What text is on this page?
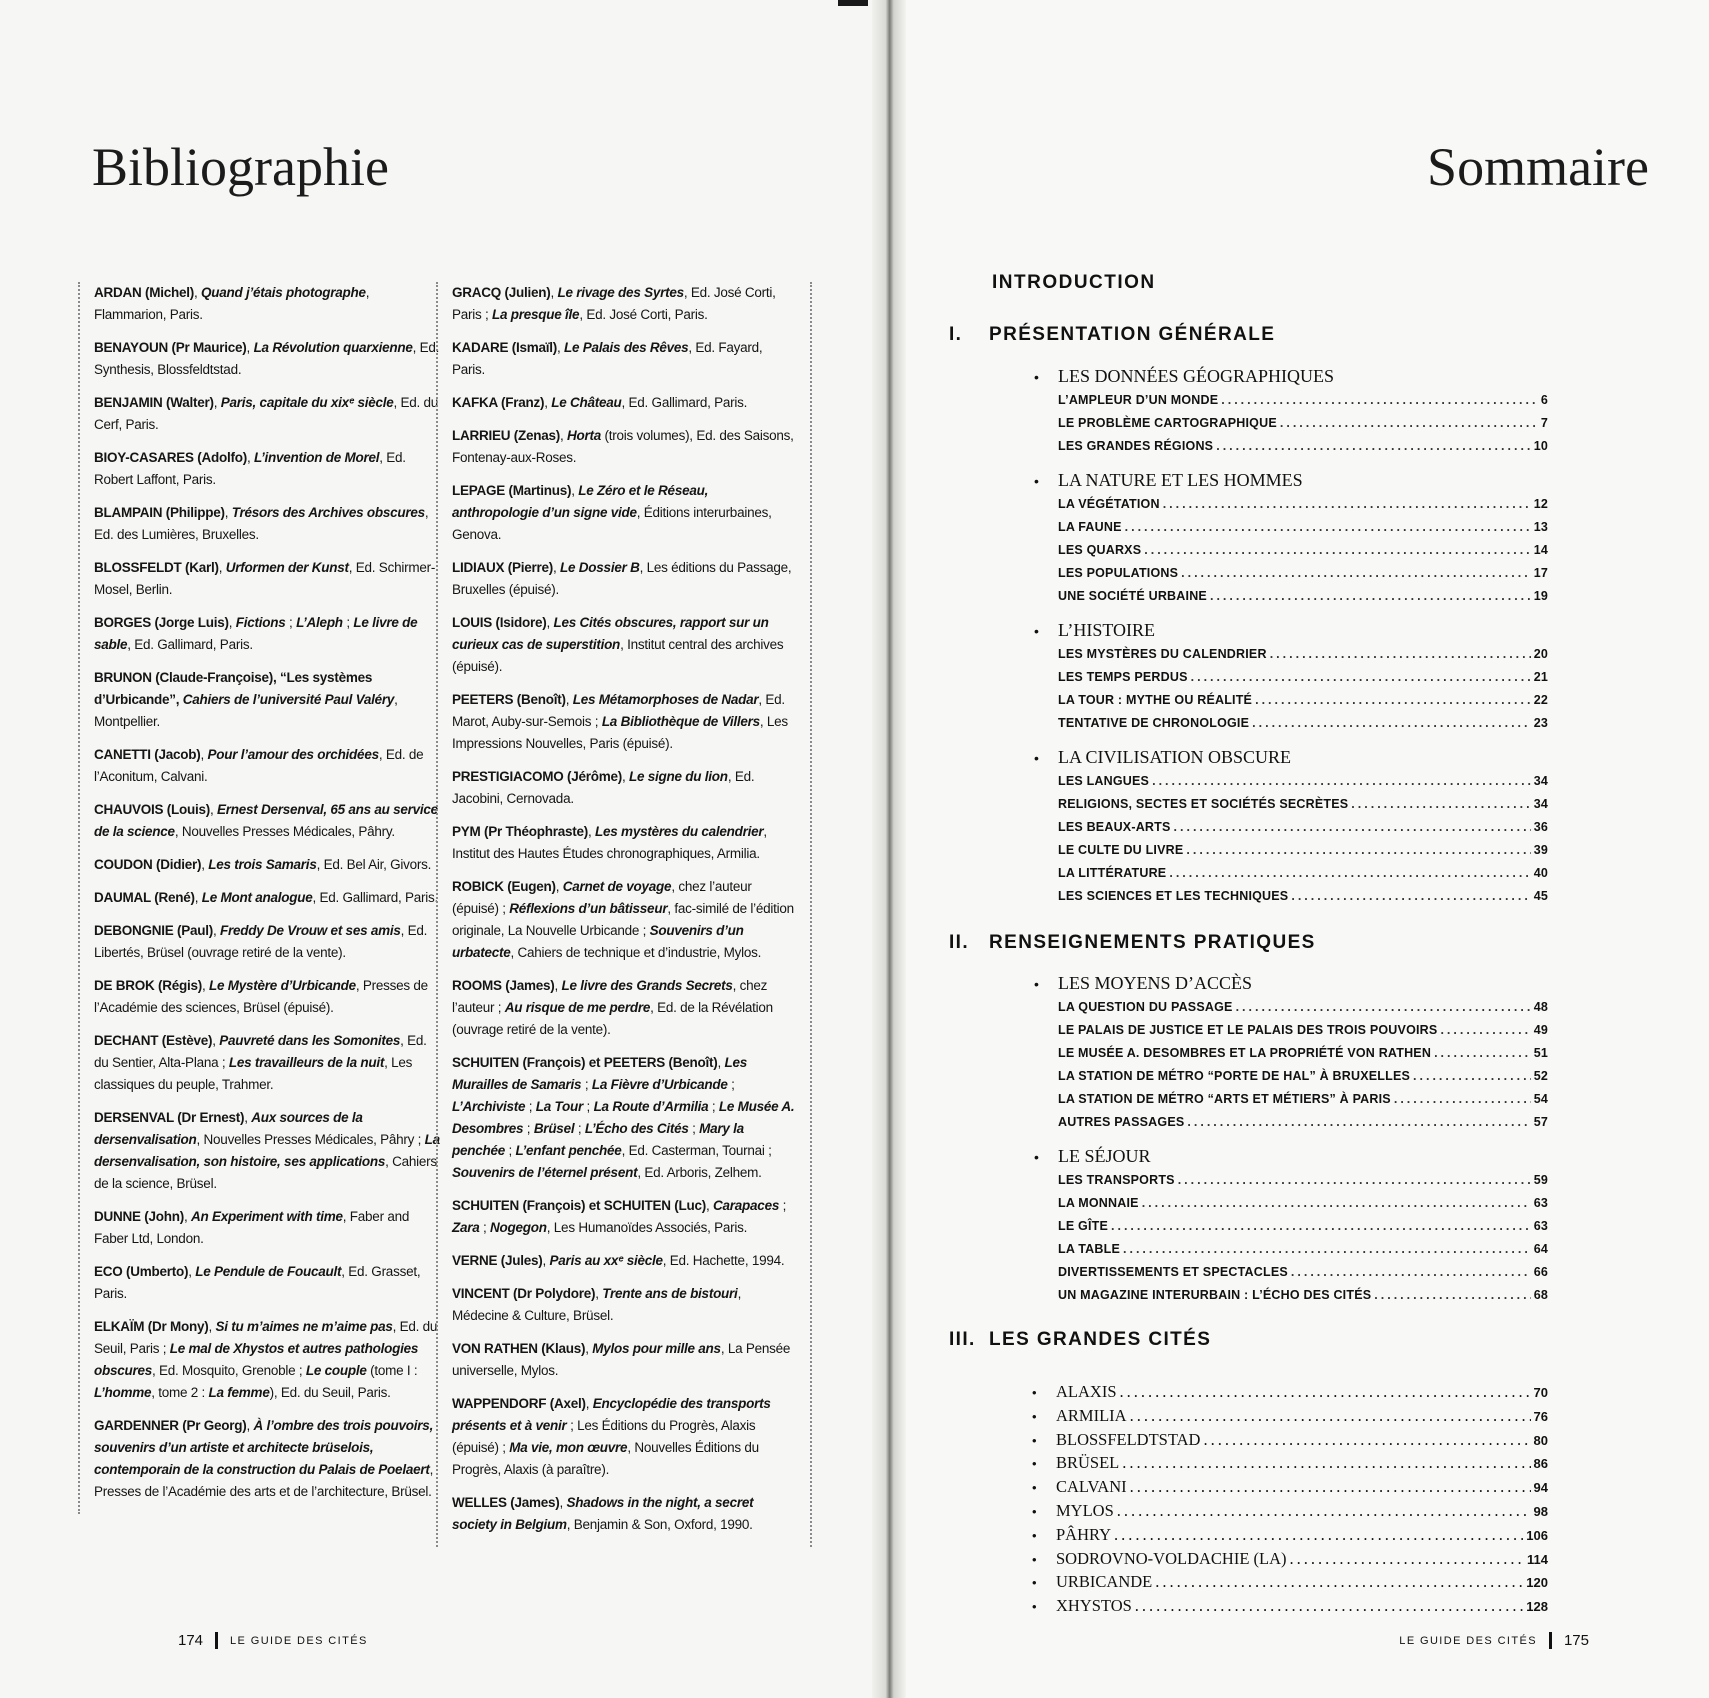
Bibliographie
ARDAN (Michel), Quand j’étais photographe, Flammarion, Paris.
BENAYOUN (Pr Maurice), La Révolution quarxienne, Ed. Synthesis, Blossfeldtstad.
BENJAMIN (Walter), Paris, capitale du xixᵉ siècle, Ed. du Cerf, Paris.
BIOY-CASARES (Adolfo), L’invention de Morel, Ed. Robert Laffont, Paris.
BLAMPAIN (Philippe), Trésors des Archives obscures, Ed. des Lumières, Bruxelles.
BLOSSFELDT (Karl), Urformen der Kunst, Ed. Schirmer-Mosel, Berlin.
BORGES (Jorge Luis), Fictions ; L’Aleph ; Le livre de sable, Ed. Gallimard, Paris.
BRUNON (Claude-Françoise), “Les systèmes d’Urbicande”, Cahiers de l’université Paul Valéry, Montpellier.
CANETTI (Jacob), Pour l’amour des orchidées, Ed. de l’Aconitum, Calvani.
CHAUVOIS (Louis), Ernest Dersenval, 65 ans au service de la science, Nouvelles Presses Médicales, Pâhry.
COUDON (Didier), Les trois Samaris, Ed. Bel Air, Givors.
DAUMAL (René), Le Mont analogue, Ed. Gallimard, Paris.
DEBONGNIE (Paul), Freddy De Vrouw et ses amis, Ed. Libertés, Brüsel (ouvrage retiré de la vente).
DE BROK (Régis), Le Mystère d’Urbicande, Presses de l’Académie des sciences, Brüsel (épuisé).
DECHANT (Estève), Pauvreté dans les Somonites, Ed. du Sentier, Alta-Plana ; Les travailleurs de la nuit, Les classiques du peuple, Trahmer.
DERSENVAL (Dr Ernest), Aux sources de la dersenvalisation, Nouvelles Presses Médicales, Pâhry ; La dersenvalisation, son histoire, ses applications, Cahiers de la science, Brüsel.
DUNNE (John), An Experiment with time, Faber and Faber Ltd, London.
ECO (Umberto), Le Pendule de Foucault, Ed. Grasset, Paris.
ELKAÏM (Dr Mony), Si tu m’aimes ne m’aime pas, Ed. du Seuil, Paris ; Le mal de Xhystos et autres pathologies obscures, Ed. Mosquito, Grenoble ; Le couple (tome I : L’homme, tome 2 : La femme), Ed. du Seuil, Paris.
GARDENNER (Pr Georg), À l’ombre des trois pouvoirs, souvenirs d’un artiste et architecte brüselois, contemporain de la construction du Palais de Poelaert, Presses de l’Académie des arts et de l’architecture, Brüsel.
GRACQ (Julien), Le rivage des Syrtes, Ed. José Corti, Paris ; La presque île, Ed. José Corti, Paris.
KADARE (Ismaïl), Le Palais des Rêves, Ed. Fayard, Paris.
KAFKA (Franz), Le Château, Ed. Gallimard, Paris.
LARRIEU (Zenas), Horta (trois volumes), Ed. des Saisons, Fontenay-aux-Roses.
LEPAGE (Martinus), Le Zéro et le Réseau, anthropologie d’un signe vide, Éditions interurbaines, Genova.
LIDIAUX (Pierre), Le Dossier B, Les éditions du Passage, Bruxelles (épuisé).
LOUIS (Isidore), Les Cités obscures, rapport sur un curieux cas de superstition, Institut central des archives (épuisé).
PEETERS (Benoît), Les Métamorphoses de Nadar, Ed. Marot, Auby-sur-Semois ; La Bibliothèque de Villers, Les Impressions Nouvelles, Paris (épuisé).
PRESTIGIACOMO (Jérôme), Le signe du lion, Ed. Jacobini, Cernovada.
PYM (Pr Théophraste), Les mystères du calendrier, Institut des Hautes Études chronographiques, Armilia.
ROBICK (Eugen), Carnet de voyage, chez l’auteur (épuisé) ; Réflexions d’un bâtisseur, fac-similé de l’édition originale, La Nouvelle Urbicande ; Souvenirs d’un urbatecte, Cahiers de technique et d’industrie, Mylos.
ROOMS (James), Le livre des Grands Secrets, chez l’auteur ; Au risque de me perdre, Ed. de la Révélation (ouvrage retiré de la vente).
SCHUITEN (François) et PEETERS (Benoît), Les Murailles de Samaris ; La Fièvre d’Urbicande ; L’Archiviste ; La Tour ; La Route d’Armilia ; Le Musée A. Desombres ; Brüsel ; L’Écho des Cités ; Mary la penchée ; L’enfant penchée, Ed. Casterman, Tournai ; Souvenirs de l’éternel présent, Ed. Arboris, Zelhem.
SCHUITEN (François) et SCHUITEN (Luc), Carapaces ; Zara ; Nogegon, Les Humanoïdes Associés, Paris.
VERNE (Jules), Paris au xxᵉ siècle, Ed. Hachette, 1994.
VINCENT (Dr Polydore), Trente ans de bistouri, Médecine & Culture, Brüsel.
VON RATHEN (Klaus), Mylos pour mille ans, La Pensée universelle, Mylos.
WAPPENDORF (Axel), Encyclopédie des transports présents et à venir ; Les Éditions du Progrès, Alaxis (épuisé) ; Ma vie, mon œuvre, Nouvelles Éditions du Progrès, Alaxis (à paraître).
WELLES (James), Shadows in the night, a secret society in Belgium, Benjamin & Son, Oxford, 1990.
174 LE GUIDE DES CITÉS
Sommaire
INTRODUCTION
I. PRÉSENTATION GÉNÉRALE
• LES DONNÉES GÉOGRAPHIQUES
L’AMPLEUR D’UN MONDE .....	6
LE PROBLÈME CARTOGRAPHIQUE .....	7
LES GRANDES RÉGIONS .....	10
• LA NATURE ET LES HOMMES
LA VÉGÉTATION .....	12
LA FAUNE .....	13
LES QUARXS .....	14
LES POPULATIONS .....	17
UNE SOCIÉTÉ URBAINE .....	19
• L’HISTOIRE
LES MYSTÈRES DU CALENDRIER .....	20
LES TEMPS PERDUS .....	21
LA TOUR : MYTHE OU RÉALITÉ .....	22
TENTATIVE DE CHRONOLOGIE .....	23
• LA CIVILISATION OBSCURE
LES LANGUES .....	34
RELIGIONS, SECTES ET SOCIÉTÉS SECRÈTES .....	34
LES BEAUX-ARTS .....	36
LE CULTE DU LIVRE .....	39
LA LITTÉRATURE .....	40
LES SCIENCES ET LES TECHNIQUES .....	45
II. RENSEIGNEMENTS PRATIQUES
• LES MOYENS D’ACCÈS
LA QUESTION DU PASSAGE .....	48
LE PALAIS DE JUSTICE ET LE PALAIS DES TROIS POUVOIRS .....	49
LE MUSÉE A. DESOMBRES ET LA PROPRIÉTÉ VON RATHEN .....	51
LA STATION DE MÉTRO “PORTE DE HAL” À BRUXELLES .....	52
LA STATION DE MÉTRO “ARTS ET MÉTIERS” À PARIS .....	54
AUTRES PASSAGES .....	57
• LE SÉJOUR
LES TRANSPORTS .....	59
LA MONNAIE .....	63
LE GÎTE .....	63
LA TABLE .....	64
DIVERTISSEMENTS ET SPECTACLES .....	66
UN MAGAZINE INTERURBAIN : L’ÉCHO DES CITÉS .....	68
III. LES GRANDES CITÉS
•	ALAXIS .....	70
•	ARMILIA .....	76
•	BLOSSFELDTSTAD .....	80
•	BRÜSEL .....	86
•	CALVANI .....	94
•	MYLOS .....	98
•	PÂHRY .....	106
•	SODROVNO-VOLDACHIE (LA) .....	114
•	URBICANDE .....	120
•	XHYSTOS .....	128
LE GUIDE DES CITÉS 175
